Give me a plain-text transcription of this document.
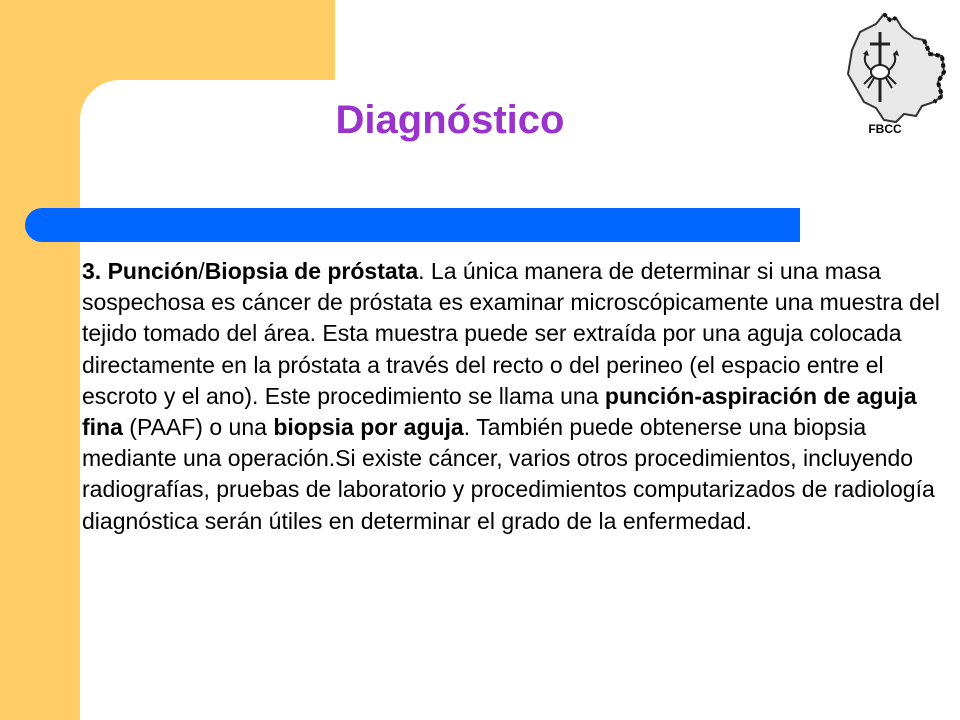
Diagnóstico	FBCC

3. Punción/Biopsia de próstata. La única manera de determinar si una masa sospechosa es cáncer de próstata es examinar microscópicamente una muestra del tejido tomado del área. Esta muestra puede ser extraída por una aguja colocada directamente en la próstata a través del recto o del perineo (el espacio entre el escroto y el ano). Este procedimiento se llama una punción-aspiración de aguja fina (PAAF) o una biopsia por aguja. También puede obtenerse una biopsia mediante una operación.Si existe cáncer, varios otros procedimientos, incluyendo radiografías, pruebas de laboratorio y procedimientos computarizados de radiología diagnóstica serán útiles en determinar el grado de la enfermedad.
